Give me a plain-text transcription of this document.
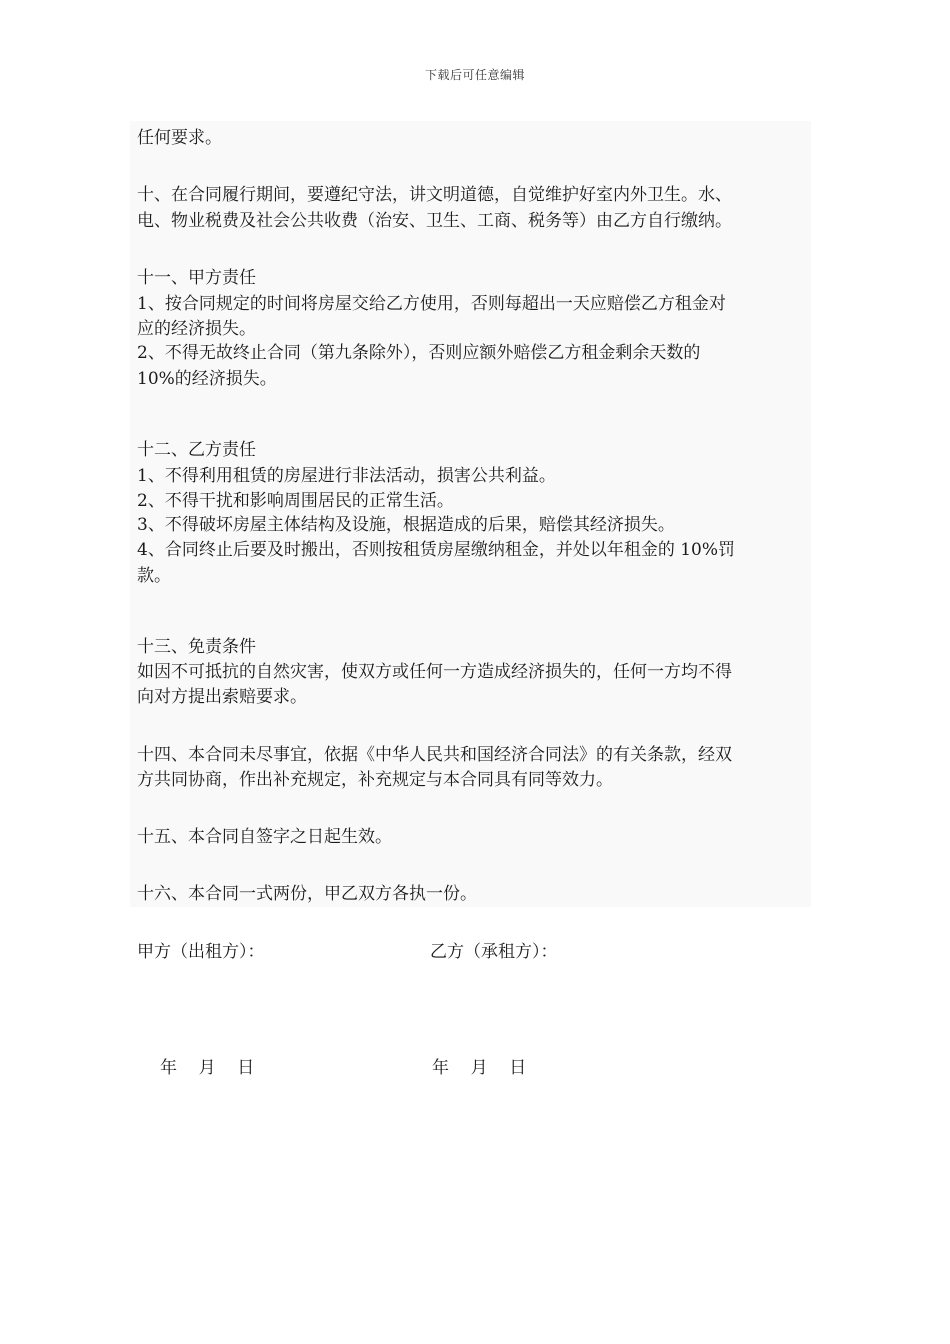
下载后可任意编辑
任何要求。
十、在合同履行期间，要遵纪守法，讲文明道德，自觉维护好室内外卫生。水、
电、物业税费及社会公共收费（治安、卫生、工商、税务等）由乙方自行缴纳。
十一、甲方责任
1、按合同规定的时间将房屋交给乙方使用，否则每超出一天应赔偿乙方租金对
应的经济损失。
2、不得无故终止合同（第九条除外），否则应额外赔偿乙方租金剩余天数的
10%的经济损失。
十二、乙方责任
1、不得利用租赁的房屋进行非法活动，损害公共利益。
2、不得干扰和影响周围居民的正常生活。
3、不得破坏房屋主体结构及设施，根据造成的后果，赔偿其经济损失。
4、合同终止后要及时搬出，否则按租赁房屋缴纳租金，并处以年租金的 10%罚
款。
十三、免责条件
如因不可抵抗的自然灾害，使双方或任何一方造成经济损失的，任何一方均不得
向对方提出索赔要求。
十四、本合同未尽事宜，依据《中华人民共和国经济合同法》的有关条款，经双
方共同协商，作出补充规定，补充规定与本合同具有同等效力。
十五、本合同自签字之日起生效。
十六、本合同一式两份，甲乙双方各执一份。
甲方（出租方）：	乙方（承租方）：
年    月    日	年    月    日
